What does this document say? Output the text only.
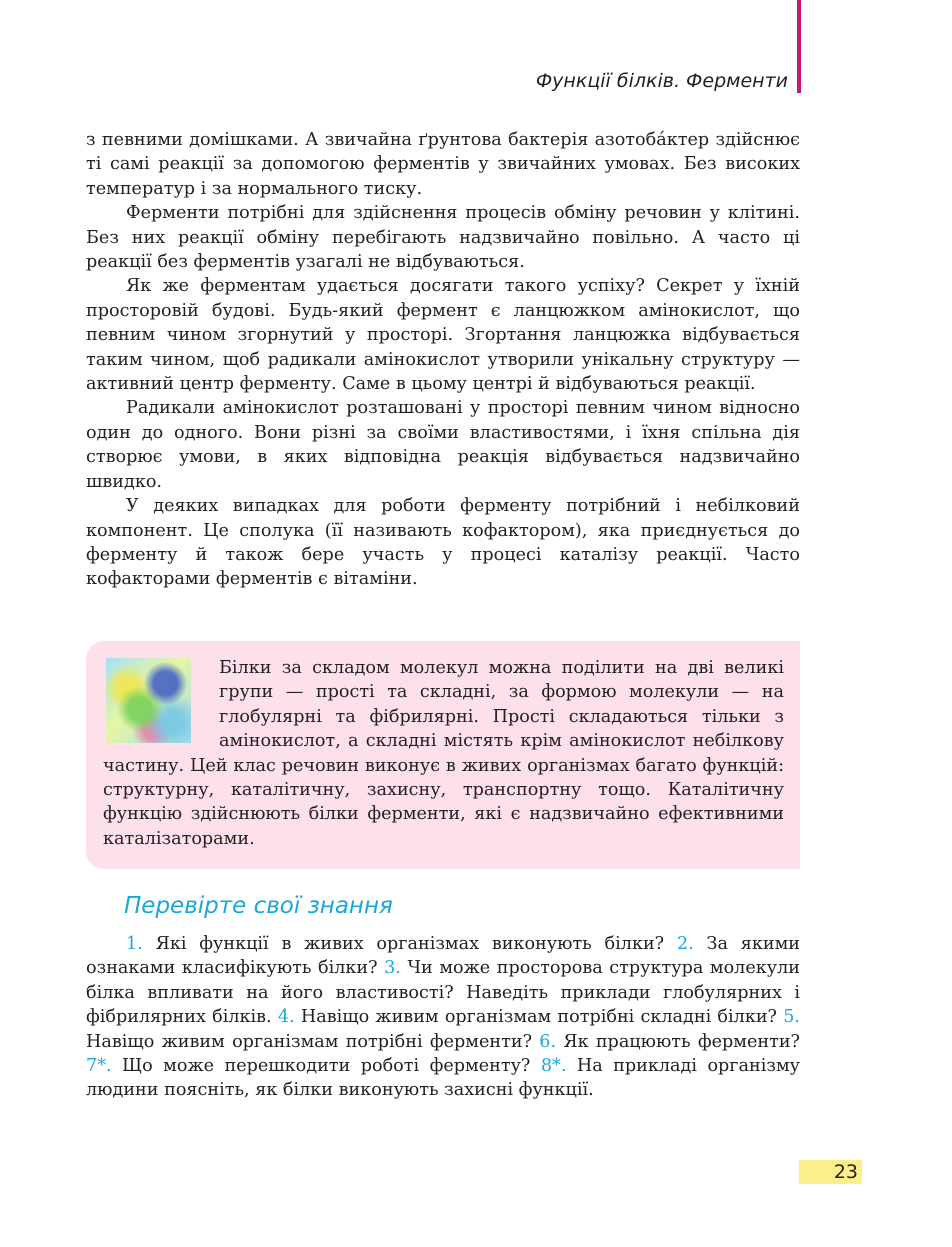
Функції білків. Ферменти

з певними домішками. А звичайна ґрунтова бактерія азотобáктер здійснює ті самі реакції за допомогою ферментів у звичайних умовах. Без високих температур і за нормального тиску.

Ферменти потрібні для здійснення процесів обміну речовин у клітині. Без них реакції обміну перебігають надзвичайно повільно. А часто ці реакції без ферментів узагалі не відбуваються.

Як же ферментам удається досягати такого успіху? Секрет у їхній просторовій будові. Будь-який фермент є ланцюжком амінокислот, що певним чином згорнутий у просторі. Згортання ланцюжка відбувається таким чином, щоб радикали амінокислот утворили унікальну структуру — активний центр ферменту. Саме в цьому центрі й відбуваються реакції.

Радикали амінокислот розташовані у просторі певним чином відносно один до одного. Вони різні за своїми властивостями, і їхня спільна дія створює умови, в яких відповідна реакція відбувається надзвичайно швидко.

У деяких випадках для роботи ферменту потрібний і небілковий компонент. Це сполука (її називають кофактором), яка приєднується до ферменту й також бере участь у процесі каталізу реакції. Часто кофакторами ферментів є вітаміни.

Білки за складом молекул можна поділити на дві великі групи — прості та складні, за формою молекули — на глобулярні та фібрилярні. Прості складаються тільки з амінокислот, а складні містять крім амінокислот небілкову частину. Цей клас речовин виконує в живих організмах багато функцій: структурну, каталітичну, захисну, транспортну тощо. Каталітичну функцію здійснюють білки ферменти, які є надзвичайно ефективними каталізаторами.
Перевірте свої знання

1. Які функції в живих організмах виконують білки? 2. За якими ознаками класифікують білки? 3. Чи може просторова структура молекули білка впливати на його властивості? Наведіть приклади глобулярних і фібрилярних білків. 4. Навіщо живим організмам потрібні складні білки? 5. Навіщо живим організмам потрібні ферменти? 6. Як працюють ферменти? 7*. Що може перешкодити роботі ферменту? 8*. На прикладі організму людини поясніть, як білки виконують захисні функції.

23
